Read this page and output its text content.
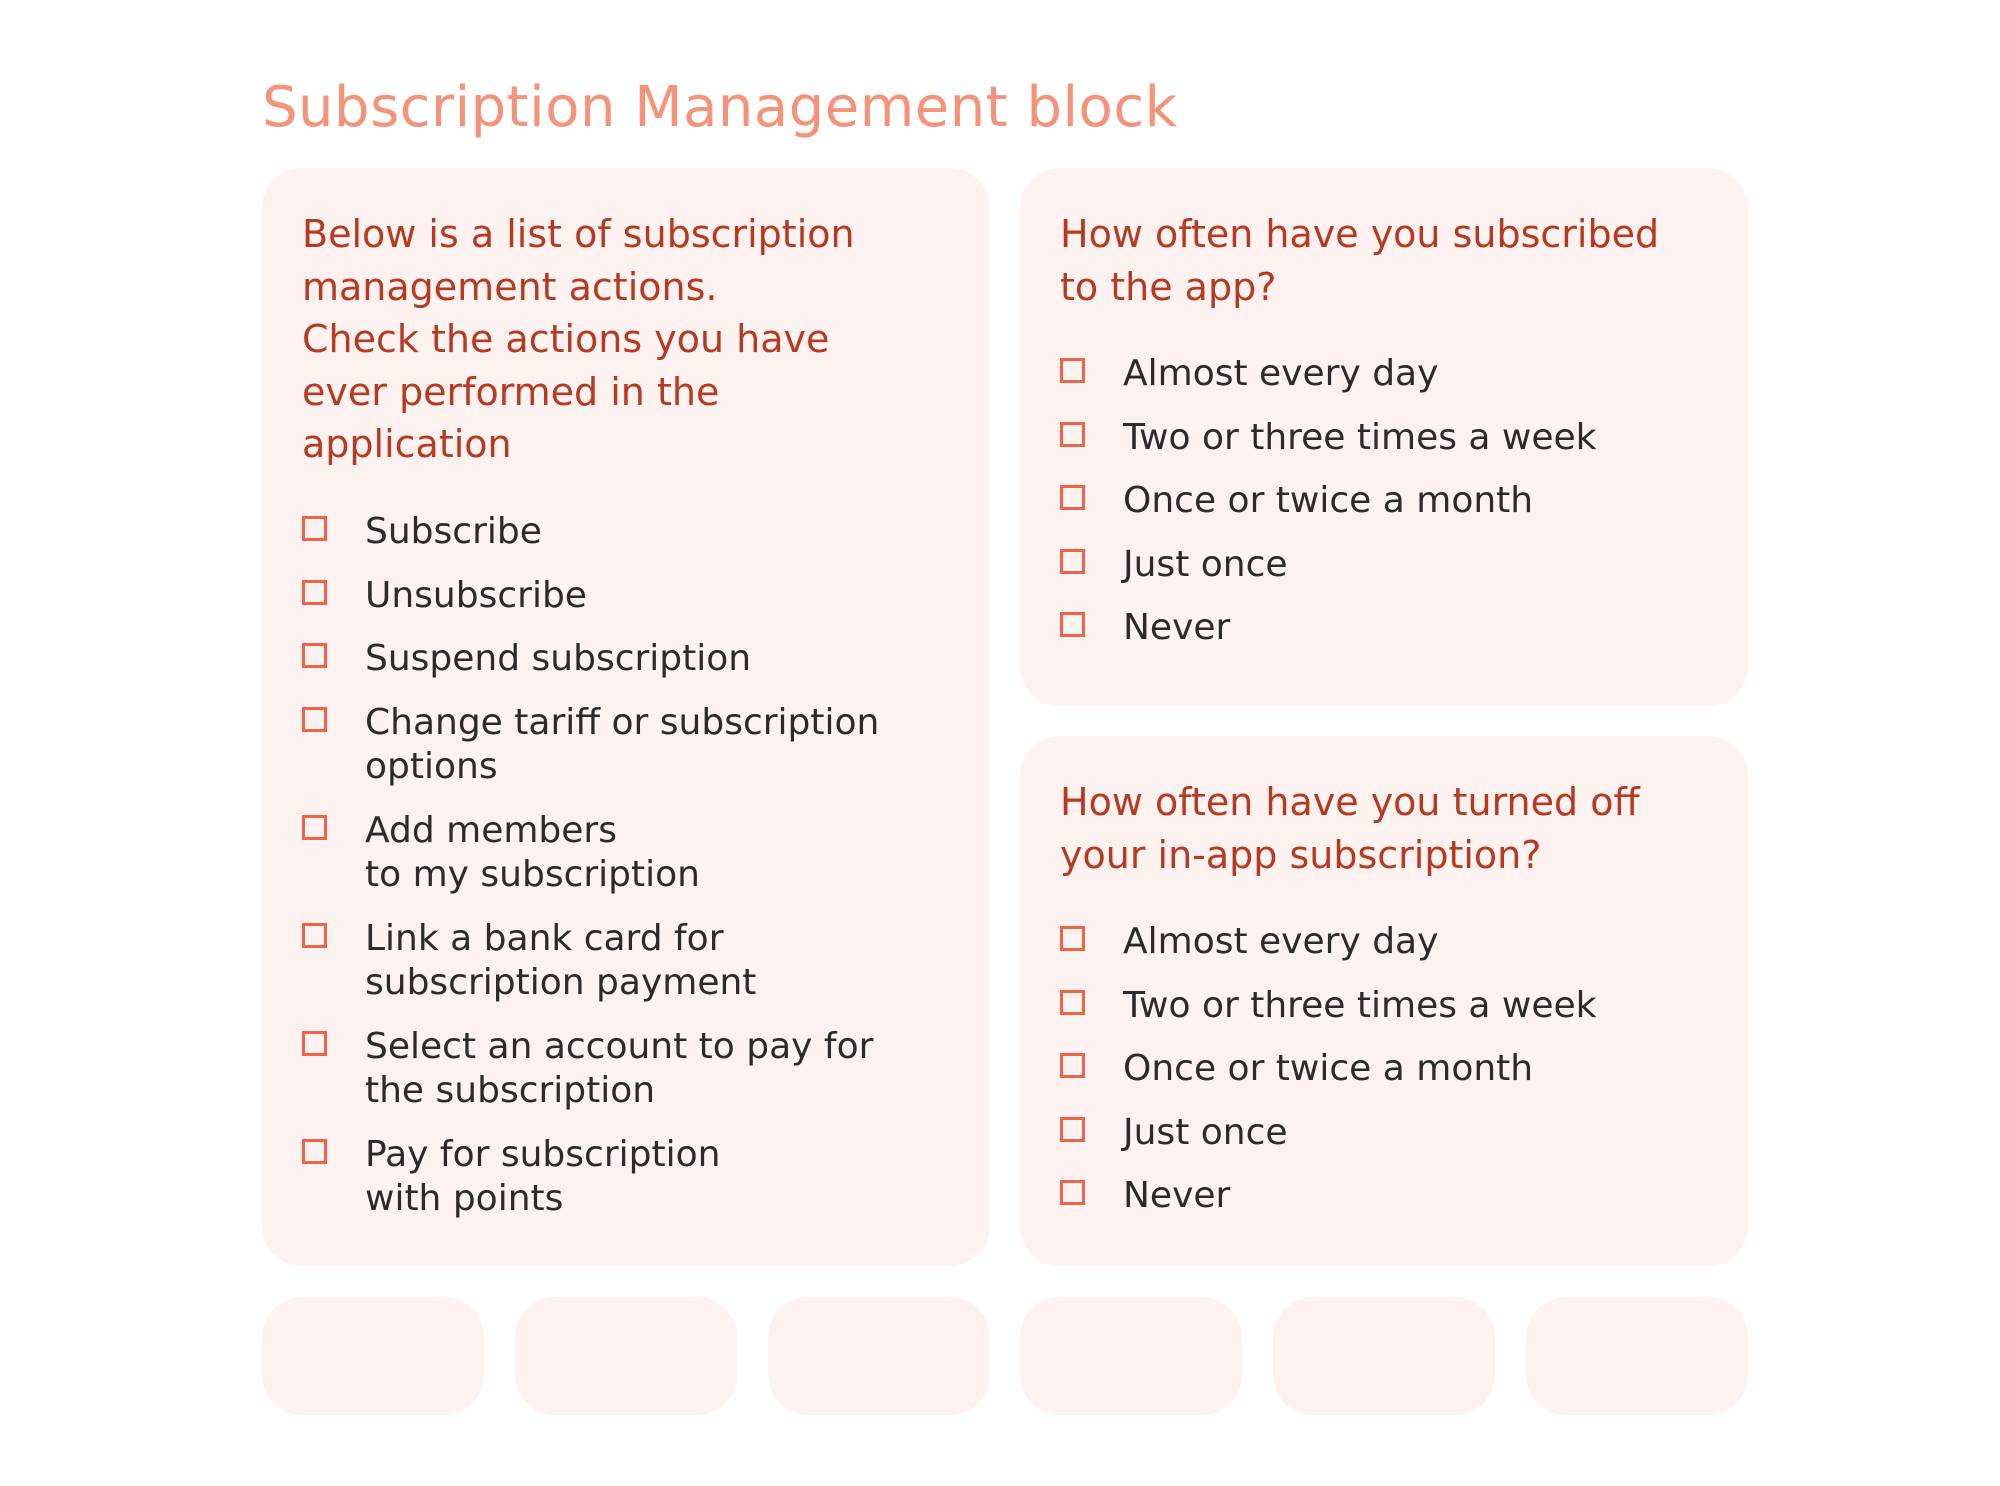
Subscription Management block
Below is a list of subscription
management actions.
Check the actions you have
ever performed in the
application
Subscribe
Unsubscribe
Suspend subscription
Change tariff or subscription
options
Add members
to my subscription
Link a bank card for
subscription payment
Select an account to pay for
the subscription
Pay for subscription
with points
How often have you subscribed
to the app?
Almost every day
Two or three times a week
Once or twice a month
Just once
Never
How often have you turned off
your in-app subscription?
Almost every day
Two or three times a week
Once or twice a month
Just once
Never
